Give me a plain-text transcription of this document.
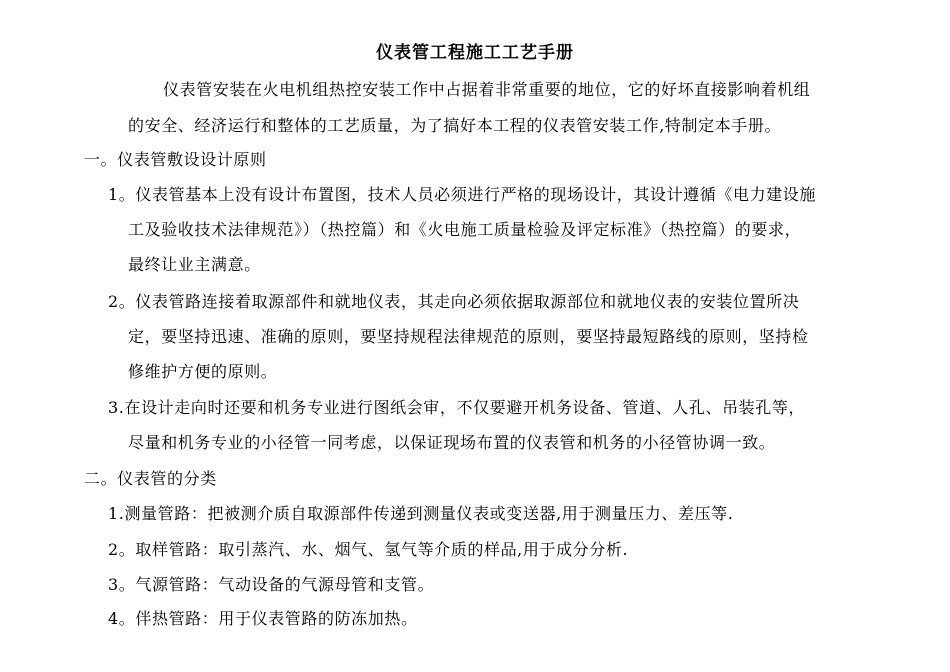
仪表管工程施工工艺手册
仪表管安装在火电机组热控安装工作中占据着非常重要的地位，它的好坏直接影响着机组
的安全、经济运行和整体的工艺质量，为了搞好本工程的仪表管安装工作,特制定本手册。
一。仪表管敷设设计原则
1。仪表管基本上没有设计布置图，技术人员必须进行严格的现场设计，其设计遵循《电力建设施
工及验收技术法律规范》）（热控篇）和《火电施工质量检验及评定标准》（热控篇）的要求，
最终让业主满意。
2。仪表管路连接着取源部件和就地仪表，其走向必须依据取源部位和就地仪表的安装位置所决
定，要坚持迅速、准确的原则，要坚持规程法律规范的原则，要坚持最短路线的原则，坚持检
修维护方便的原则。
3.在设计走向时还要和机务专业进行图纸会审，不仅要避开机务设备、管道、人孔、吊装孔等，
尽量和机务专业的小径管一同考虑，以保证现场布置的仪表管和机务的小径管协调一致。
二。仪表管的分类
1.测量管路：把被测介质自取源部件传递到测量仪表或变送器,用于测量压力、差压等.
2。取样管路：取引蒸汽、水、烟气、氢气等介质的样品,用于成分分析.
3。气源管路：气动设备的气源母管和支管。
4。伴热管路：用于仪表管路的防冻加热。
